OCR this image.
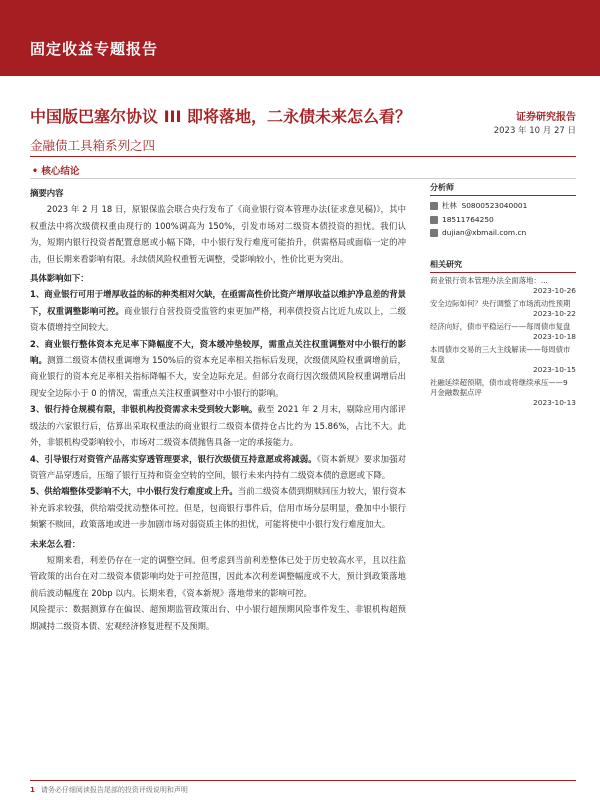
固定收益专题报告
中国版巴塞尔协议 III 即将落地，二永债未来怎么看？
金融债工具箱系列之四
证券研究报告
2023 年 10 月 27 日
• 核心结论
摘要内容
2023 年 2 月 18 日，原银保监会联合央行发布了《商业银行资本管理办法(征求意见稿)》，其中权重法中将次级债权重由现行的 100%调高为 150%，引发市场对二级资本债投资的担忧。我们认为，短期内银行投资者配置意愿或小幅下降，中小银行发行难度可能抬升，供需格局或面临一定的冲击，但长期来看影响有限。永续债风险权重暂无调整，受影响较小，性价比更为突出。
具体影响如下：
1、商业银行可用于增厚收益的标的种类相对欠缺，在亟需高性价比资产增厚收益以维护净息差的背景下，权重调整影响可控。商业银行自营投资受监管约束更加严格，利率债投资占比近九成以上，二级资本债增持空间较大。
2、商业银行整体资本充足率下降幅度不大，资本缓冲垫较厚，需重点关注权重调整对中小银行的影响。测算二级资本债权重调增为 150%后的资本充足率相关指标后发现，次级债风险权重调增前后，商业银行的资本充足率相关指标降幅不大，安全边际充足。但部分农商行因次级债风险权重调增后出现安全边际小于 0 的情况，需重点关注权重调整对中小银行的影响。
3、银行持仓规模有限，非银机构投资需求未受到较大影响。截至 2021 年 2 月末，剔除应用内部评级法的六家银行后，估算出采取权重法的商业银行二级资本债持仓占比约为 15.86%，占比不大。此外，非银机构受影响较小，市场对二级资本债抛售具备一定的承接能力。
4、引导银行对资管产品落实穿透管理要求，银行次级债互持意愿或将减弱。《资本新规》要求加强对资管产品穿透后，压缩了银行互持和资金空转的空间，银行未来内持有二级资本债的意愿或下降。
5、供给端整体受影响不大，中小银行发行难度或上升。当前二级资本债到期赎回压力较大，银行资本补充诉求较强，供给端受扰动整体可控。但是，包商银行事件后，信用市场分层明显，叠加中小银行频繁不赎回，政策落地或进一步加剧市场对弱资质主体的担忧，可能将使中小银行发行难度加大。
未来怎么看：
短期来看，利差仍存在一定的调整空间。但考虑到当前利差整体已处于历史较高水平，且以往监管政策的出台在对二级资本债影响均处于可控范围，因此本次利差调整幅度或不大，预计到政策落地前后波动幅度在 20bp 以内。长期来看，《资本新规》落地带来的影响可控。
风险提示：数据测算存在偏误、超预期监管政策出台、中小银行超预期风险事件发生、非银机构超预期减持二级资本债、宏观经济修复进程不及预期。
分析师
杜林
S0800523040001
18511764250
dujian@xbmail.com.cn
相关研究
商业银行资本管理办法全面落地：...
2023-10-26
安全边际如何？央行调整了市场流动性预期
2023-10-22
经济向好，债市平稳运行——每周债市复盘
2023-10-18
本周债市交易的三大主线解读——每周债市复盘
2023-10-15
社融延续超预期，债市或将继续承压——9 月金融数据点评
2023-10-13
1 请务必仔细阅读报告尾部的投资评级说明和声明
